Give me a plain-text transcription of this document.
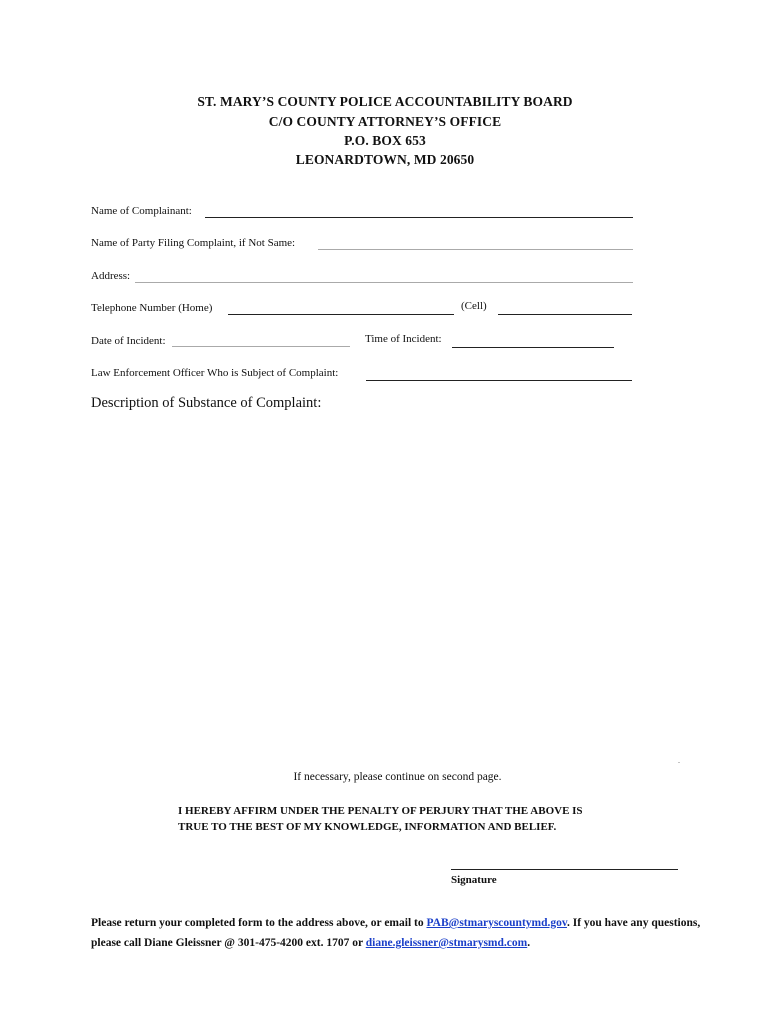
ST. MARY’S COUNTY POLICE ACCOUNTABILITY BOARD
C/O COUNTY ATTORNEY’S OFFICE
P.O. BOX 653
LEONARDTOWN, MD 20650
Name of Complainant:
Name of Party Filing Complaint, if Not Same:
Address:
Telephone Number (Home)	(Cell)
Date of Incident:	Time of Incident:
Law Enforcement Officer Who is Subject of Complaint:
Description of Substance of Complaint:
.
If necessary, please continue on second page.
I HEREBY AFFIRM UNDER THE PENALTY OF PERJURY THAT THE ABOVE IS TRUE TO THE BEST OF MY KNOWLEDGE, INFORMATION AND BELIEF.
Signature
Please return your completed form to the address above, or email to PAB@stmaryscountymd.gov. If you have any questions, please call Diane Gleissner @ 301-475-4200 ext. 1707 or diane.gleissner@stmarysmd.com.
